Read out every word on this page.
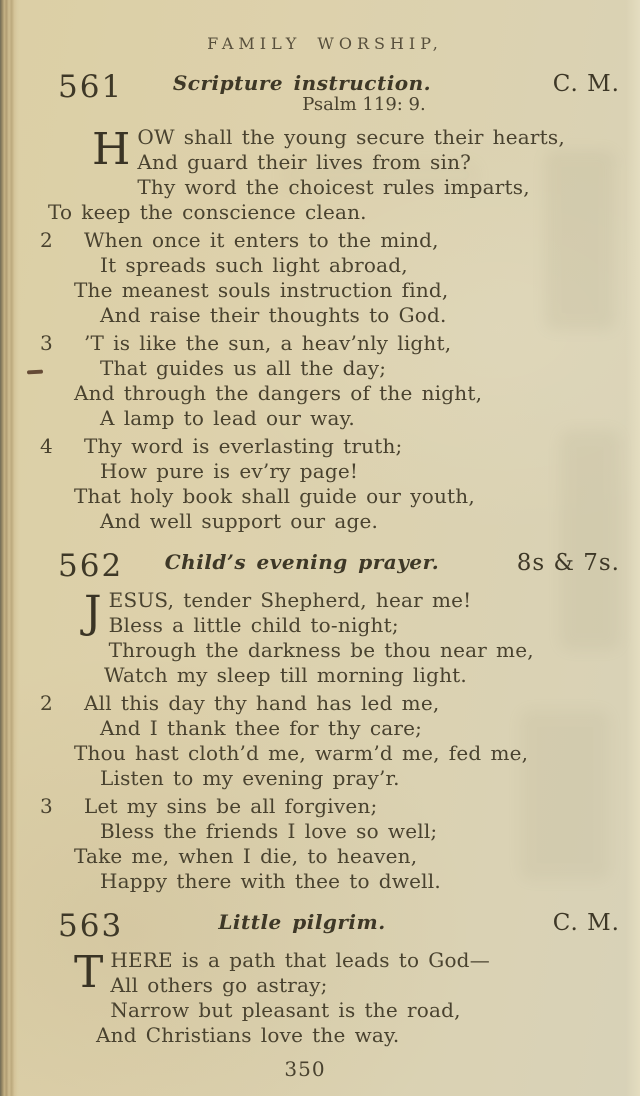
FAMILY WORSHIP,
561	Scripture instruction.
Psalm 119: 9.
C. M.
H OW shall the young secure their hearts,
And guard their lives from sin?
Thy word the choicest rules imparts,
To keep the conscience clean.
2 When once it enters to the mind,
It spreads such light abroad,
The meanest souls instruction find,
And raise their thoughts to God.
3 ’T is like the sun, a heav’nly light,
That guides us all the day;
And through the dangers of the night,
A lamp to lead our way.
4 Thy word is everlasting truth;
How pure is ev’ry page!
That holy book shall guide our youth,
And well support our age.
562	Child’s evening prayer.	8s & 7s.
J ESUS, tender Shepherd, hear me!
Bless a little child to-night;
Through the darkness be thou near me,
Watch my sleep till morning light.
2 All this day thy hand has led me,
And I thank thee for thy care;
Thou hast cloth’d me, warm’d me, fed me,
Listen to my evening pray’r.
3 Let my sins be all forgiven;
Bless the friends I love so well;
Take me, when I die, to heaven,
Happy there with thee to dwell.
563	Little pilgrim.	C. M.
T HERE is a path that leads to God—
All others go astray;
Narrow but pleasant is the road,
And Christians love the way.
350
